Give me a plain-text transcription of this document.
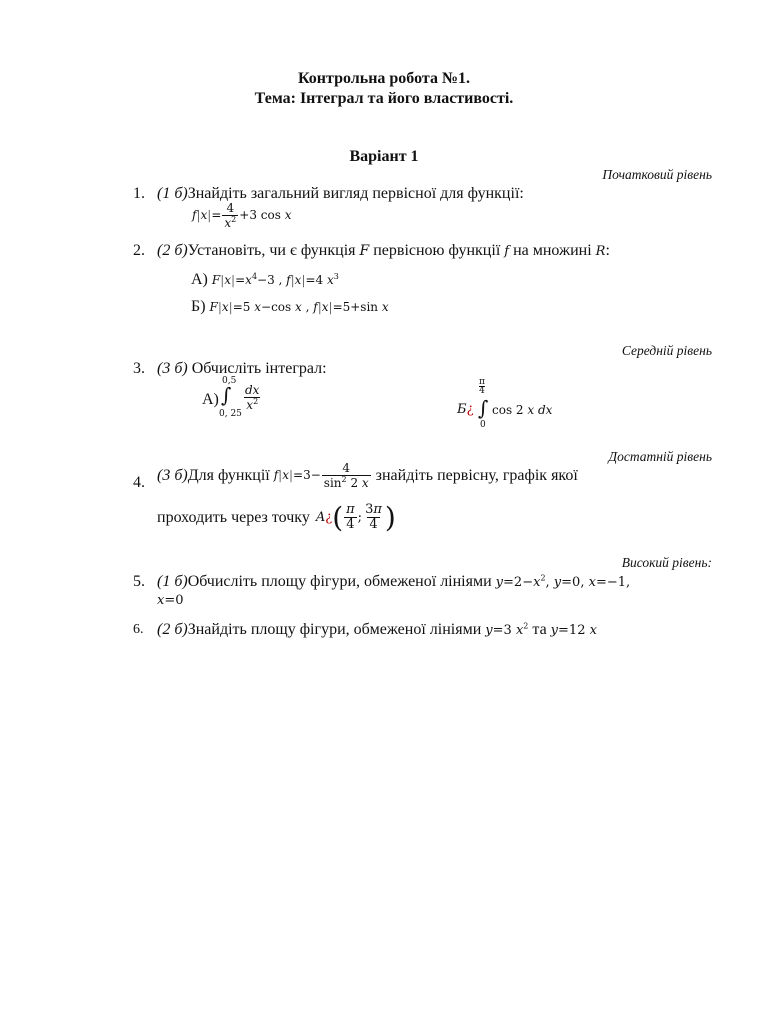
Контрольна робота №1.
Тема: Інтеграл та його властивості.
Варіант 1
Початковий рівень
1. (1 б)Знайдіть загальний вигляд первісної для функції:
$f|x|= \frac{4}{x^2} +3$ cos x
2. (2 б)Установіть, чи є функція F первісною функції f на множині R:
А) $F|x|=x^4-3$ , f|x|=4 $x^3$
Б) F|x|=5 x−cos x , f|x|=5+sin x
Середній рівень
3. (3 б) Обчисліть інтеграл:
А)
0,5
∫
0, 25
$\frac{dx}{x^2}$	Б¿
π
4
∫
0
cos 2 x dx
Достатній рівень
4. (3 б) Для функції $f|x|=3- \frac{4}{\sin^2 2 x}$ знайдіть первісну, графік якої
проходить через точку A ¿ ( $\frac{\pi}{4}$ ; $\frac{3\pi}{4}$ )
Високий рівень:
5. (1 б)Обчисліть площу фігури, обмеженої лініями $y=2-x^2$, y=0, x=−1,
x=0
6. (2 б)Знайдіть площу фігури, обмеженої лініями y=3 $x^2$ та y=12 x
